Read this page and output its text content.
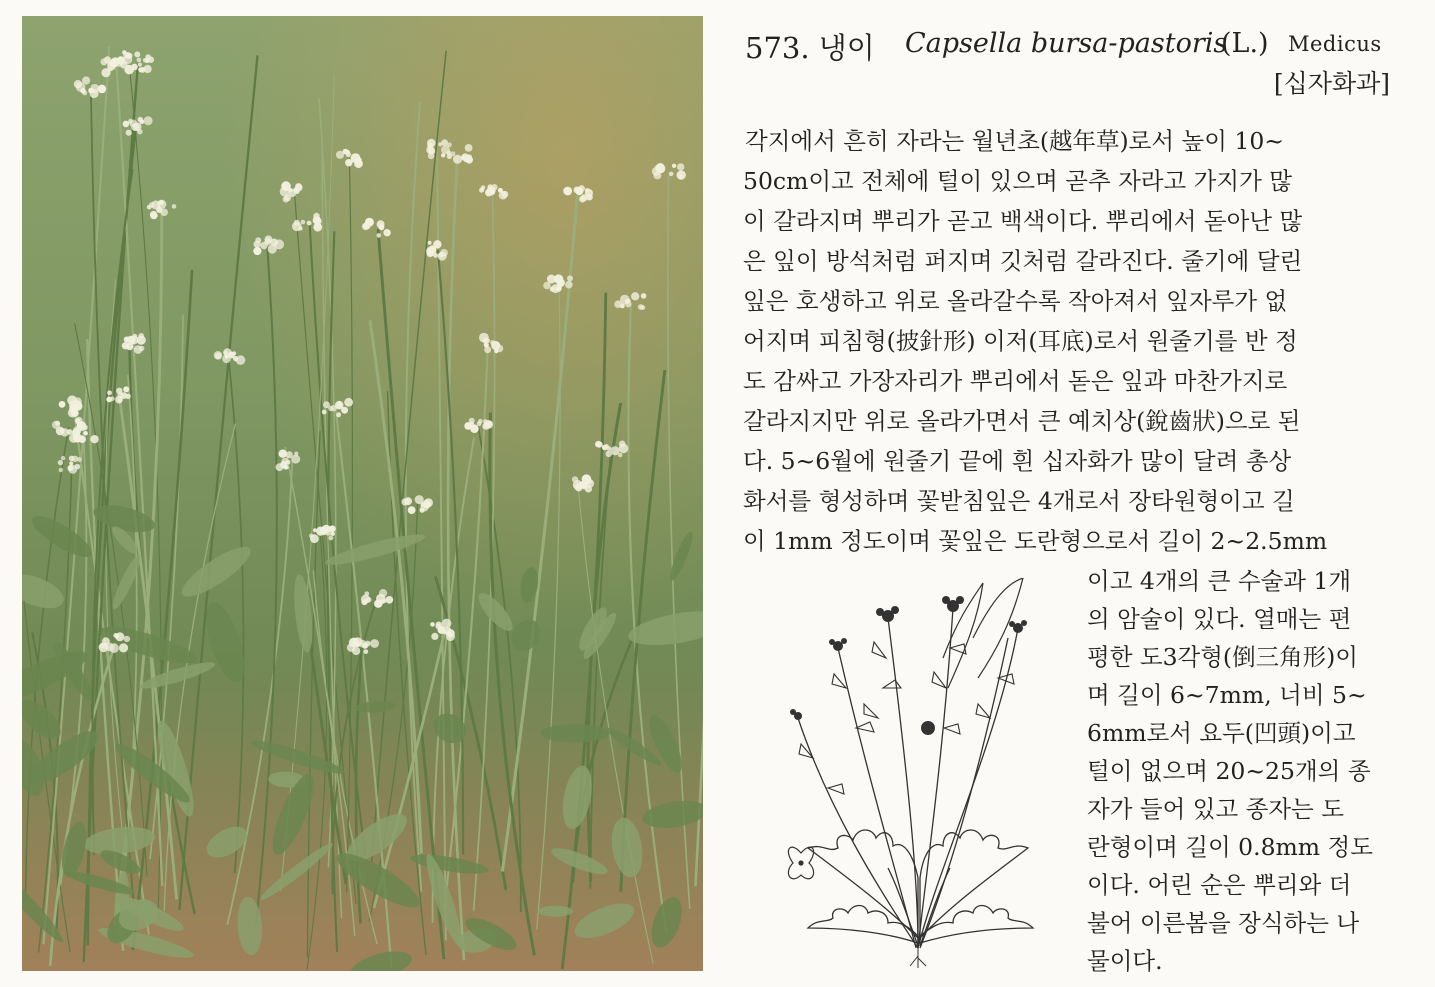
573. 냉이 Capsella bursa-pastoris
(L.) Medicus
[십자화과]
각지에서 흔히 자라는 월년초(越年草)로서 높이 10~
50cm이고 전체에 털이 있으며 곧추 자라고 가지가 많
이 갈라지며 뿌리가 곧고 백색이다. 뿌리에서 돋아난 많
은 잎이 방석처럼 퍼지며 깃처럼 갈라진다. 줄기에 달린
잎은 호생하고 위로 올라갈수록 작아져서 잎자루가 없
어지며 피침형(披針形) 이저(耳底)로서 원줄기를 반 정
도 감싸고 가장자리가 뿌리에서 돋은 잎과 마찬가지로
갈라지지만 위로 올라가면서 큰 예치상(銳齒狀)으로 된
다. 5~6월에 원줄기 끝에 흰 십자화가 많이 달려 총상
화서를 형성하며 꽃받침잎은 4개로서 장타원형이고 길
이 1mm 정도이며 꽃잎은 도란형으로서 길이 2~2.5mm
이고 4개의 큰 수술과 1개
의 암술이 있다. 열매는 편
평한 도3각형(倒三角形)이
며 길이 6~7mm, 너비 5~
6mm로서 요두(凹頭)이고
털이 없으며 20~25개의 종
자가 들어 있고 종자는 도
란형이며 길이 0.8mm 정도
이다. 어린 순은 뿌리와 더
불어 이른봄을 장식하는 나
물이다.
